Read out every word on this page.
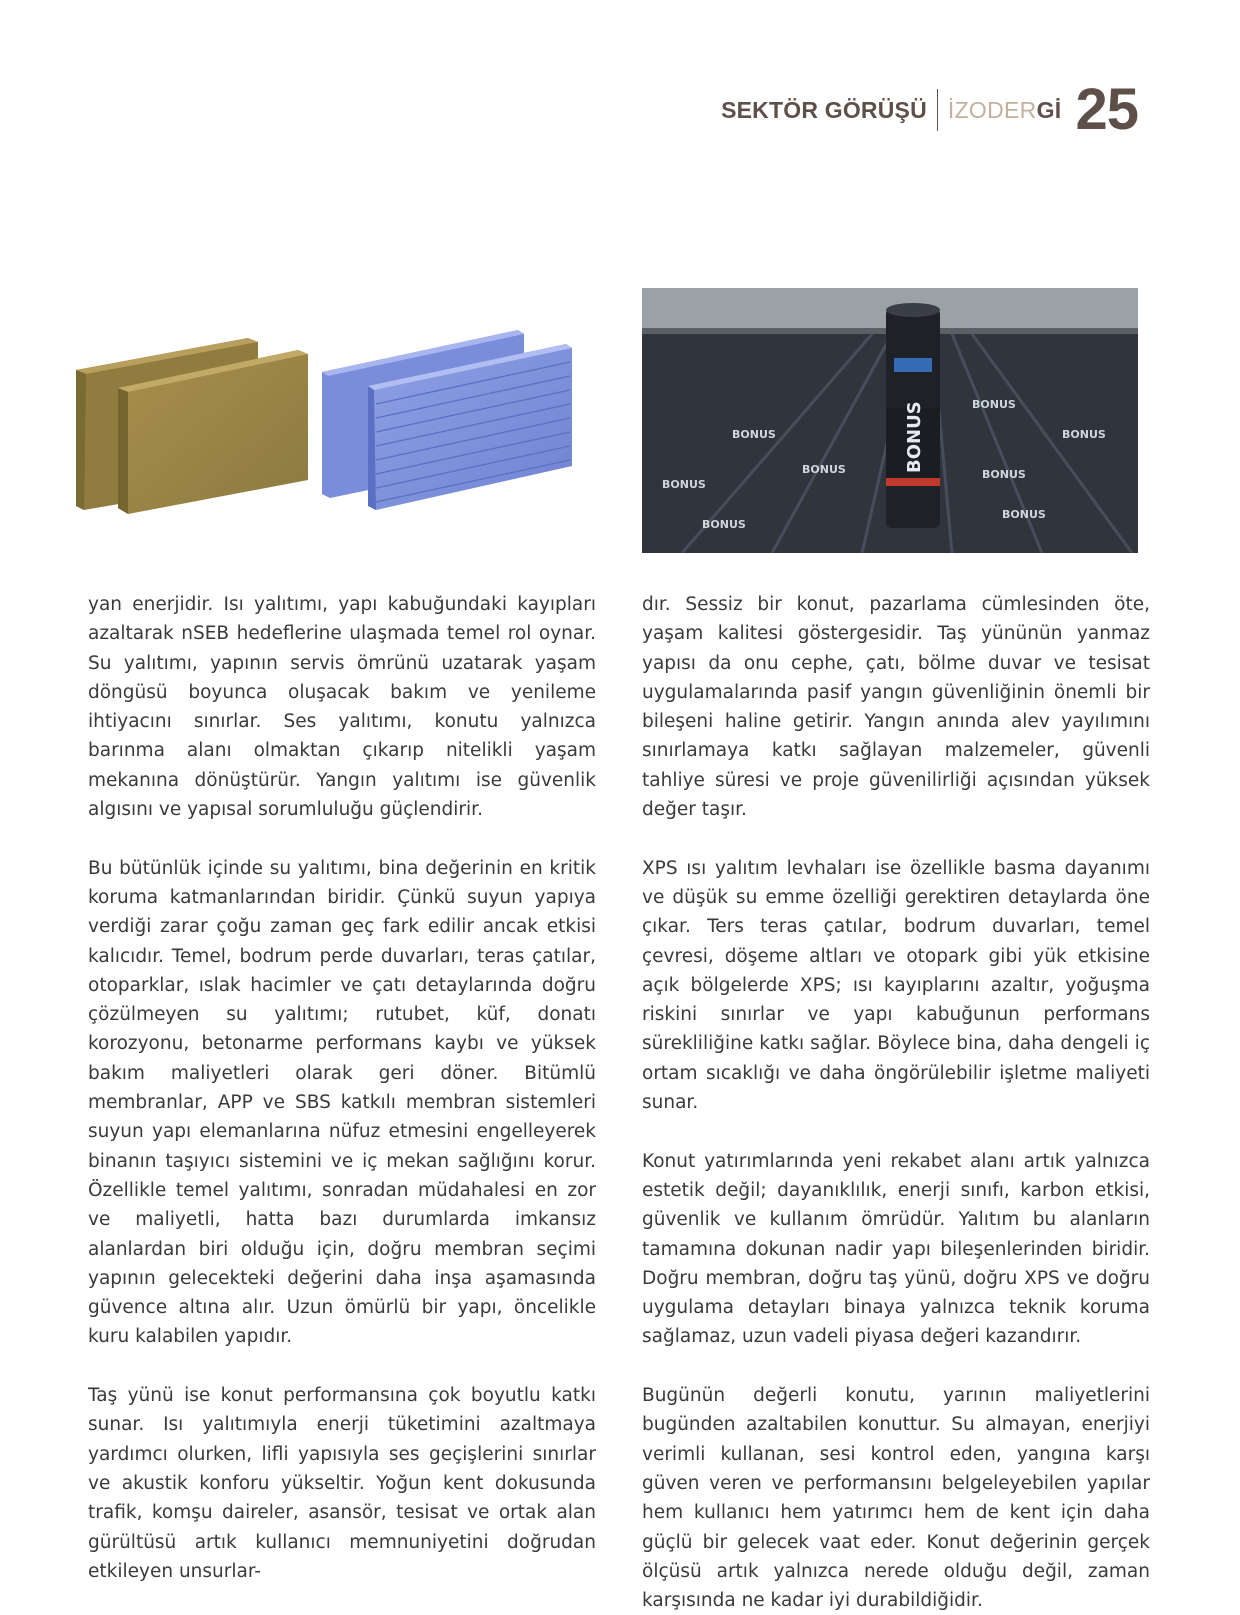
SEKTÖR GÖRÜŞÜ İZODERGİ 25
BONUS
BONUS
BONUS	BONUS
BONUS
BONUS
BONUS
BONUS
BONUS

yan enerjidir. Isı yalıtımı, yapı kabuğundaki kayıpları azaltarak nSEB hedeflerine ulaşmada temel rol oynar. Su yalıtımı, yapının servis ömrünü uzatarak yaşam döngüsü boyunca oluşacak bakım ve yenileme ihtiyacını sınırlar. Ses yalıtımı, konutu yalnızca barınma alanı olmaktan çıkarıp nitelikli yaşam mekanına dönüştürür. Yangın yalıtımı ise güvenlik algısını ve yapısal sorumluluğu güçlendirir.

Bu bütünlük içinde su yalıtımı, bina değerinin en kritik koruma katmanlarından biridir. Çünkü suyun yapıya verdiği zarar çoğu zaman geç fark edilir ancak etkisi kalıcıdır. Temel, bodrum perde duvarları, teras çatılar, otoparklar, ıslak hacimler ve çatı detaylarında doğru çözülmeyen su yalıtımı; rutubet, küf, donatı korozyonu, betonarme performans kaybı ve yüksek bakım maliyetleri olarak geri döner. Bitümlü membranlar, APP ve SBS katkılı membran sistemleri suyun yapı elemanlarına nüfuz etmesini engelleyerek binanın taşıyıcı sistemini ve iç mekan sağlığını korur. Özellikle temel yalıtımı, sonradan müdahalesi en zor ve maliyetli, hatta bazı durumlarda imkansız alanlardan biri olduğu için, doğru membran seçimi yapının gelecekteki değerini daha inşa aşamasında güvence altına alır. Uzun ömürlü bir yapı, öncelikle kuru kalabilen yapıdır.

Taş yünü ise konut performansına çok boyutlu katkı sunar. Isı yalıtımıyla enerji tüketimini azaltmaya yardımcı olurken, lifli yapısıyla ses geçişlerini sınırlar ve akustik konforu yükseltir. Yoğun kent dokusunda trafik, komşu daireler, asansör, tesisat ve ortak alan gürültüsü artık kullanıcı memnuniyetini doğrudan etkileyen unsurlar-

dır. Sessiz bir konut, pazarlama cümlesinden öte, yaşam kalitesi göstergesidir. Taş yününün yanmaz yapısı da onu cephe, çatı, bölme duvar ve tesisat uygulamalarında pasif yangın güvenliğinin önemli bir bileşeni haline getirir. Yangın anında alev yayılımını sınırlamaya katkı sağlayan malzemeler, güvenli tahliye süresi ve proje güvenilirliği açısından yüksek değer taşır.

XPS ısı yalıtım levhaları ise özellikle basma dayanımı ve düşük su emme özelliği gerektiren detaylarda öne çıkar. Ters teras çatılar, bodrum duvarları, temel çevresi, döşeme altları ve otopark gibi yük etkisine açık bölgelerde XPS; ısı kayıplarını azaltır, yoğuşma riskini sınırlar ve yapı kabuğunun performans sürekliliğine katkı sağlar. Böylece bina, daha dengeli iç ortam sıcaklığı ve daha öngörülebilir işletme maliyeti sunar.

Konut yatırımlarında yeni rekabet alanı artık yalnızca estetik değil; dayanıklılık, enerji sınıfı, karbon etkisi, güvenlik ve kullanım ömrüdür. Yalıtım bu alanların tamamına dokunan nadir yapı bileşenlerinden biridir. Doğru membran, doğru taş yünü, doğru XPS ve doğru uygulama detayları binaya yalnızca teknik koruma sağlamaz, uzun vadeli piyasa değeri kazandırır.

Bugünün değerli konutu, yarının maliyetlerini bugünden azaltabilen konuttur. Su almayan, enerjiyi verimli kullanan, sesi kontrol eden, yangına karşı güven veren ve performansını belgeleyebilen yapılar hem kullanıcı hem yatırımcı hem de kent için daha güçlü bir gelecek vaat eder. Konut değerinin gerçek ölçüsü artık yalnızca nerede olduğu değil, zaman karşısında ne kadar iyi durabildiğidir.
